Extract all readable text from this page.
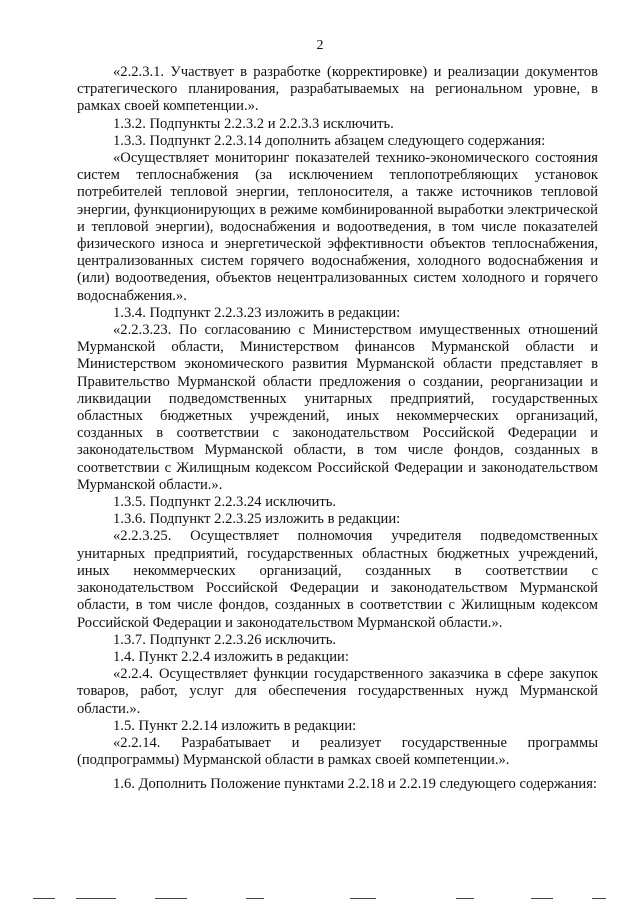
2

«2.2.3.1. Участвует в разработке (корректировке) и реализации документов стратегического планирования, разрабатываемых на региональном уровне, в рамках своей компетенции.».

1.3.2. Подпункты 2.2.3.2 и 2.2.3.3 исключить.

1.3.3. Подпункт 2.2.3.14 дополнить абзацем следующего содержания:

«Осуществляет мониторинг показателей технико-экономического состояния систем теплоснабжения (за исключением теплопотребляющих установок потребителей тепловой энергии, теплоносителя, а также источников тепловой энергии, функционирующих в режиме комбинированной выработки электрической и тепловой энергии), водоснабжения и водоотведения, в том числе показателей физического износа и энергетической эффективности объектов теплоснабжения, централизованных систем горячего водоснабжения, холодного водоснабжения и (или) водоотведения, объектов нецентрализованных систем холодного и горячего водоснабжения.».

1.3.4. Подпункт 2.2.3.23 изложить в редакции:

«2.2.3.23. По согласованию с Министерством имущественных отношений Мурманской области, Министерством финансов Мурманской области и Министерством экономического развития Мурманской области представляет в Правительство Мурманской области предложения о создании, реорганизации и ликвидации подведомственных унитарных предприятий, государственных областных бюджетных учреждений, иных некоммерческих организаций, созданных в соответствии с законодательством Российской Федерации и законодательством Мурманской области, в том числе фондов, созданных в соответствии с Жилищным кодексом Российской Федерации и законодательством Мурманской области.».

1.3.5. Подпункт 2.2.3.24 исключить.

1.3.6. Подпункт 2.2.3.25 изложить в редакции:

«2.2.3.25. Осуществляет полномочия учредителя подведомственных унитарных предприятий, государственных областных бюджетных учреждений, иных некоммерческих организаций, созданных в соответствии с законодательством Российской Федерации и законодательством Мурманской области, в том числе фондов, созданных в соответствии с Жилищным кодексом Российской Федерации и законодательством Мурманской области.».

1.3.7. Подпункт 2.2.3.26 исключить.

1.4. Пункт 2.2.4 изложить в редакции:

«2.2.4. Осуществляет функции государственного заказчика в сфере закупок товаров, работ, услуг для обеспечения государственных нужд Мурманской области.».

1.5. Пункт 2.2.14 изложить в редакции:

«2.2.14. Разрабатывает и реализует государственные программы (подпрограммы) Мурманской области в рамках своей компетенции.».

1.6. Дополнить Положение пунктами 2.2.18 и 2.2.19 следующего содержания:
